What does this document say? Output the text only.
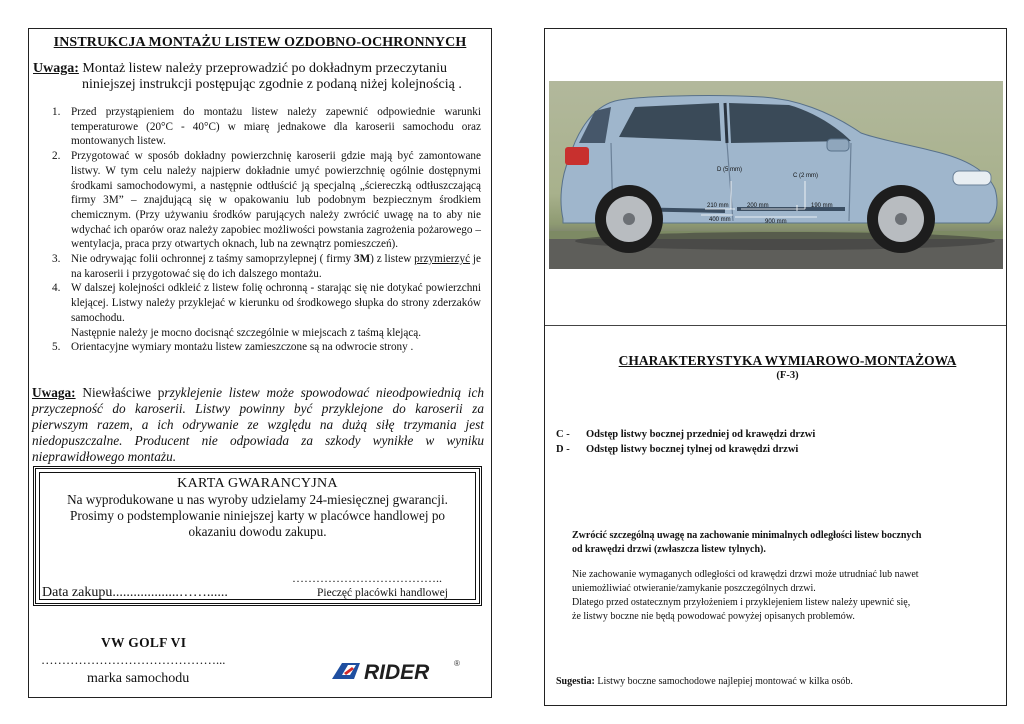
INSTRUKCJA MONTAŻU LISTEW OZDOBNO-OCHRONNYCH
Uwaga: Montaż listew należy przeprowadzić po dokładnym przeczytaniu
niniejszej instrukcji postępując zgodnie z podaną niżej kolejnością .
1. Przed przystąpieniem do montażu listew należy zapewnić odpowiednie warunki temperaturowe (20°C - 40°C) w miarę jednakowe dla karoserii samochodu oraz montowanych listew.
2. Przygotować w sposób dokładny powierzchnię karoserii gdzie mają być zamontowane listwy. W tym celu należy najpierw dokładnie umyć powierzchnię ogólnie dostępnymi środkami samochodowymi, a następnie odtłuścić ją specjalną „ściereczką odtłuszczającą firmy 3M” – znajdującą się w opakowaniu lub podobnym bezpiecznym środkiem chemicznym. (Przy używaniu środków parujących należy zwrócić uwagę na to aby nie wdychać ich oparów oraz należy zapobiec możliwości powstania zagrożenia pożarowego – wentylacja, praca przy otwartych oknach, lub na zewnątrz pomieszczeń).
3. Nie odrywając folii ochronnej z taśmy samoprzylepnej ( firmy 3M) z listew przymierzyć je na karoserii i przygotować się do ich dalszego montażu.
4. W dalszej kolejności odkleić z listew folię ochronną - starając się nie dotykać powierzchni klejącej. Listwy należy przyklejać w kierunku od środkowego słupka do strony zderzaków samochodu.
Następnie należy je mocno docisnąć szczególnie w miejscach z taśmą klejącą.
5. Orientacyjne wymiary montażu listew zamieszczone są na odwrocie strony .
Uwaga: Niewłaściwe przyklejenie listew może spowodować nieodpowiednią ich przyczepność do karoserii. Listwy powinny być przyklejone do karoserii za pierwszym razem, a ich odrywanie ze względu na dużą siłę trzymania jest niedopuszczalne. Producent nie odpowiada za szkody wynikłe w wyniku nieprawidłowego montażu.
KARTA GWARANCYJNA
Na wyprodukowane u nas wyroby udzielamy 24-miesięcznej gwarancji. Prosimy o podstemplowanie niniejszej karty w placówce handlowej po okazaniu dowodu zakupu.
………………………………..
Data zakupu...................……......	Pieczęć placówki handlowej
VW GOLF VI
……………………………………...
marka samochodu	RIDER	®
D (5 mm)
C (2 mm)
210 mm	200 mm	190 mm
400 mm	900 mm
CHARAKTERYSTYKA WYMIAROWO-MONTAŻOWA
(F-3)
C - Odstęp listwy bocznej przedniej od krawędzi drzwi
D - Odstęp listwy bocznej tylnej od krawędzi drzwi
Zwrócić szczególną uwagę na zachowanie minimalnych odległości listew bocznych
od krawędzi drzwi (zwłaszcza listew tylnych).
Nie zachowanie wymaganych odległości od krawędzi drzwi może utrudniać lub nawet
uniemożliwiać otwieranie/zamykanie poszczególnych drzwi.
Dlatego przed ostatecznym przyłożeniem i przyklejeniem listew należy upewnić się,
że listwy boczne nie będą powodować powyżej opisanych problemów.
Sugestia: Listwy boczne samochodowe najlepiej montować w kilka osób.
